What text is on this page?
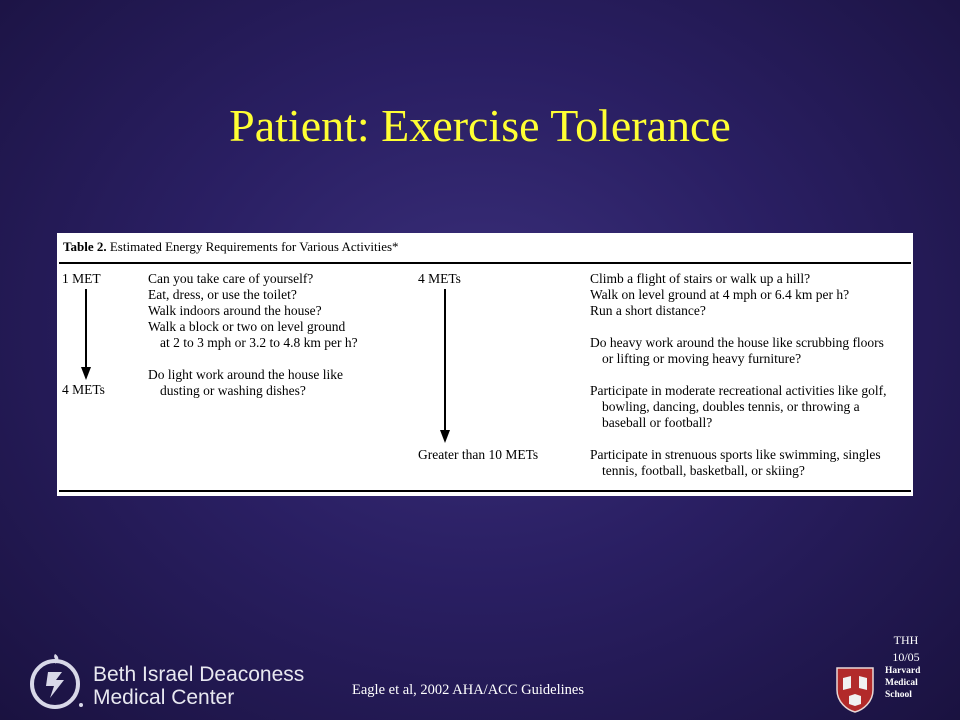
Patient: Exercise Tolerance
Table 2. Estimated Energy Requirements for Various Activities*
1 MET
4 METs
Can you take care of yourself?
Eat, dress, or use the toilet?
Walk indoors around the house?
Walk a block or two on level ground
at 2 to 3 mph or 3.2 to 4.8 km per h?
Do light work around the house like
dusting or washing dishes?
4 METs
Greater than 10 METs
Climb a flight of stairs or walk up a hill?
Walk on level ground at 4 mph or 6.4 km per h?
Run a short distance?
Do heavy work around the house like scrubbing floors
or lifting or moving heavy furniture?
Participate in moderate recreational activities like golf,
bowling, dancing, doubles tennis, or throwing a
baseball or football?
Participate in strenuous sports like swimming, singles
tennis, football, basketball, or skiing?
Beth Israel Deaconess
Medical Center	Eagle et al, 2002 AHA/ACC Guidelines
THH
10/05
Harvard
Medical
School
